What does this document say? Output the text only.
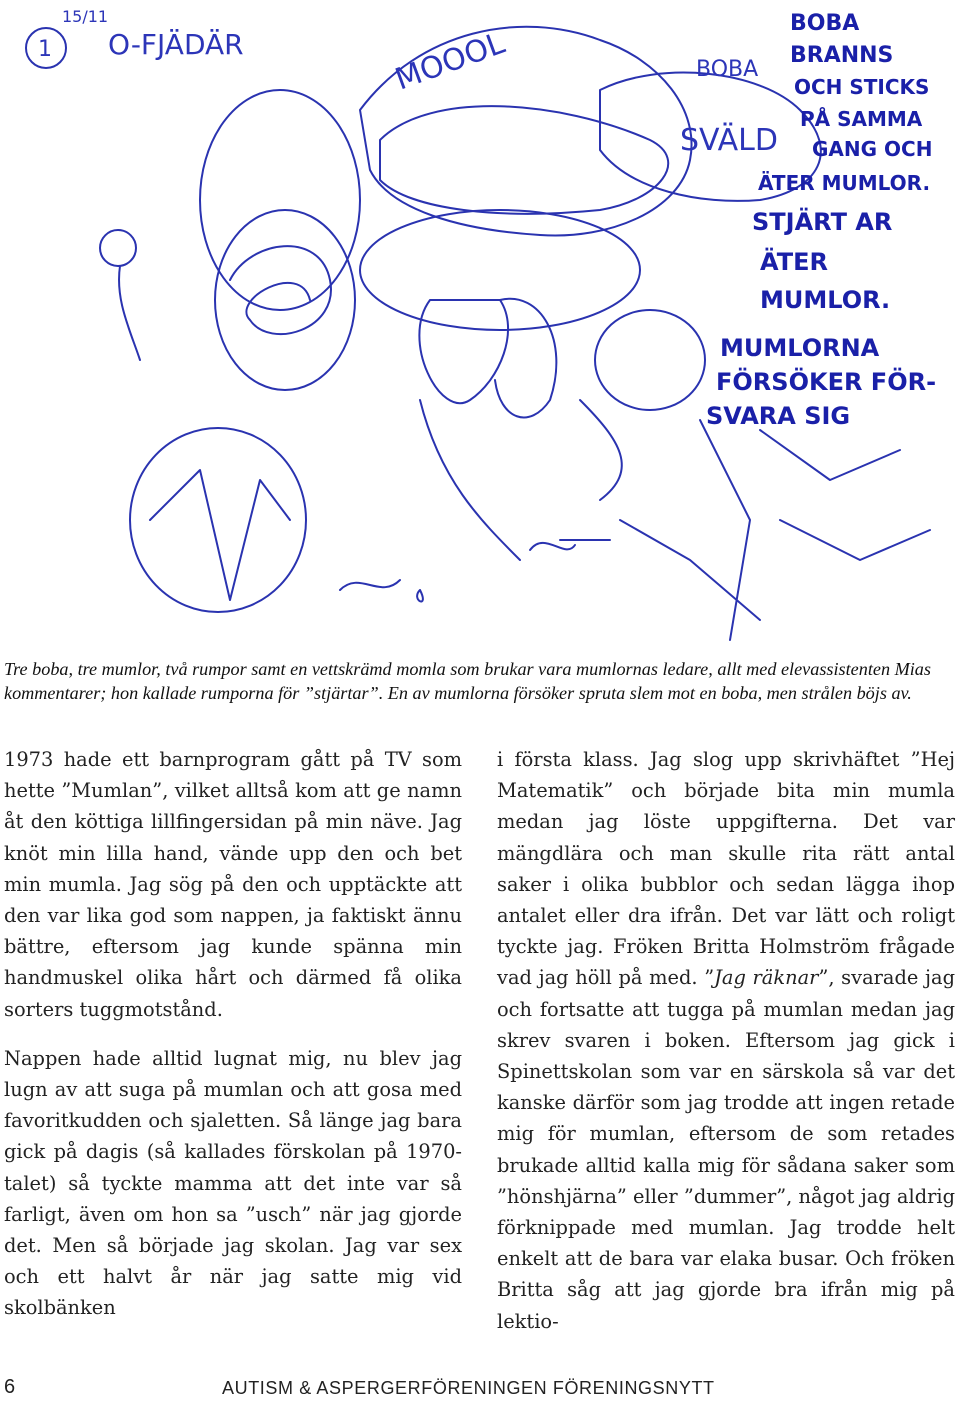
1
15/11
O-FJÄDÄR
BOBA
SVÄLD
MOOOL
BOBA
BRANNS
OCH STICKS
PÅ SAMMA
GANG OCH
ÄTER MUMLOR.
STJÄRT AR
ÄTER
MUMLOR.
MUMLORNA
FÖRSÖKER FÖR-
SVARA SIG
Tre boba, tre mumlor, två rumpor samt en vettskrämd momla som brukar vara mumlornas ledare, allt med elevassistenten Mias kommentarer; hon kallade rumporna för ”stjärtar”. En av mumlorna försöker spruta slem mot en boba, men strålen böjs av.

1973 hade ett barnprogram gått på TV som hette ”Mumlan”, vilket alltså kom att ge namn åt den köttiga lillfingersidan på min näve. Jag knöt min lilla hand, vände upp den och bet min mumla. Jag sög på den och upptäckte att den var lika god som nappen, ja faktiskt ännu bättre, eftersom jag kunde spänna min handmuskel olika hårt och därmed få olika sorters tuggmotstånd.

Nappen hade alltid lugnat mig, nu blev jag lugn av att suga på mumlan och att gosa med favoritkudden och sjaletten. Så länge jag bara gick på dagis (så kallades förskolan på 1970-talet) så tyckte mamma att det inte var så farligt, även om hon sa ”usch” när jag gjorde det. Men så började jag skolan. Jag var sex och ett halvt år när jag satte mig vid skolbänken

i första klass. Jag slog upp skrivhäftet ”Hej Matematik” och började bita min mumla medan jag löste uppgifterna. Det var mängdlära och man skulle rita rätt antal saker i olika bubblor och sedan lägga ihop antalet eller dra ifrån. Det var lätt och roligt tyckte jag. Fröken Britta Holmström frågade vad jag höll på med. ”Jag räknar”, svarade jag och fortsatte att tugga på mumlan medan jag skrev svaren i boken. Eftersom jag gick i Spinettskolan som var en särskola så var det kanske därför som jag trodde att ingen retade mig för mumlan, eftersom de som retades brukade alltid kalla mig för sådana saker som ”hönshjärna” eller ”dummer”, något jag aldrig förknippade med mumlan. Jag trodde helt enkelt att de bara var elaka busar. Och fröken Britta såg att jag gjorde bra ifrån mig på lektio-

6	AUTISM & ASPERGERFÖRENINGEN FÖRENINGSNYTT
